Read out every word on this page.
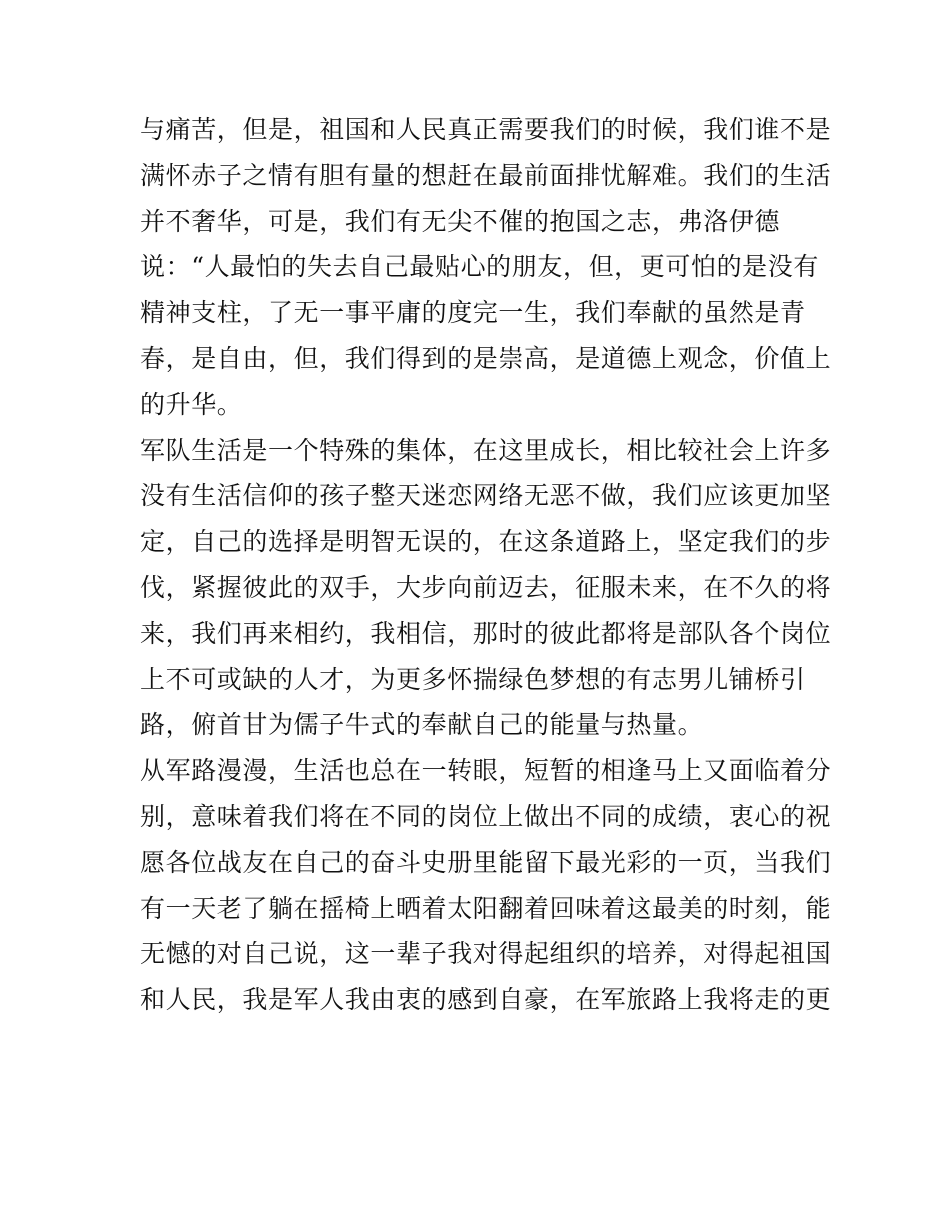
与痛苦，但是，祖国和人民真正需要我们的时候，我们谁不是
满怀赤子之情有胆有量的想赶在最前面排忧解难。我们的生活
并不奢华，可是，我们有无尖不催的抱国之志，弗洛伊德
说：“人最怕的失去自己最贴心的朋友，但，更可怕的是没有
精神支柱，了无一事平庸的度完一生，我们奉献的虽然是青
春，是自由，但，我们得到的是崇高，是道德上观念，价值上
的升华。
军队生活是一个特殊的集体，在这里成长，相比较社会上许多
没有生活信仰的孩子整天迷恋网络无恶不做，我们应该更加坚
定，自己的选择是明智无误的，在这条道路上，坚定我们的步
伐，紧握彼此的双手，大步向前迈去，征服未来，在不久的将
来，我们再来相约，我相信，那时的彼此都将是部队各个岗位
上不可或缺的人才，为更多怀揣绿色梦想的有志男儿铺桥引
路，俯首甘为儒子牛式的奉献自己的能量与热量。
从军路漫漫，生活也总在一转眼，短暂的相逢马上又面临着分
别，意味着我们将在不同的岗位上做出不同的成绩，衷心的祝
愿各位战友在自己的奋斗史册里能留下最光彩的一页，当我们
有一天老了躺在摇椅上晒着太阳翻着回味着这最美的时刻，能
无憾的对自己说，这一辈子我对得起组织的培养，对得起祖国
和人民，我是军人我由衷的感到自豪，在军旅路上我将走的更
